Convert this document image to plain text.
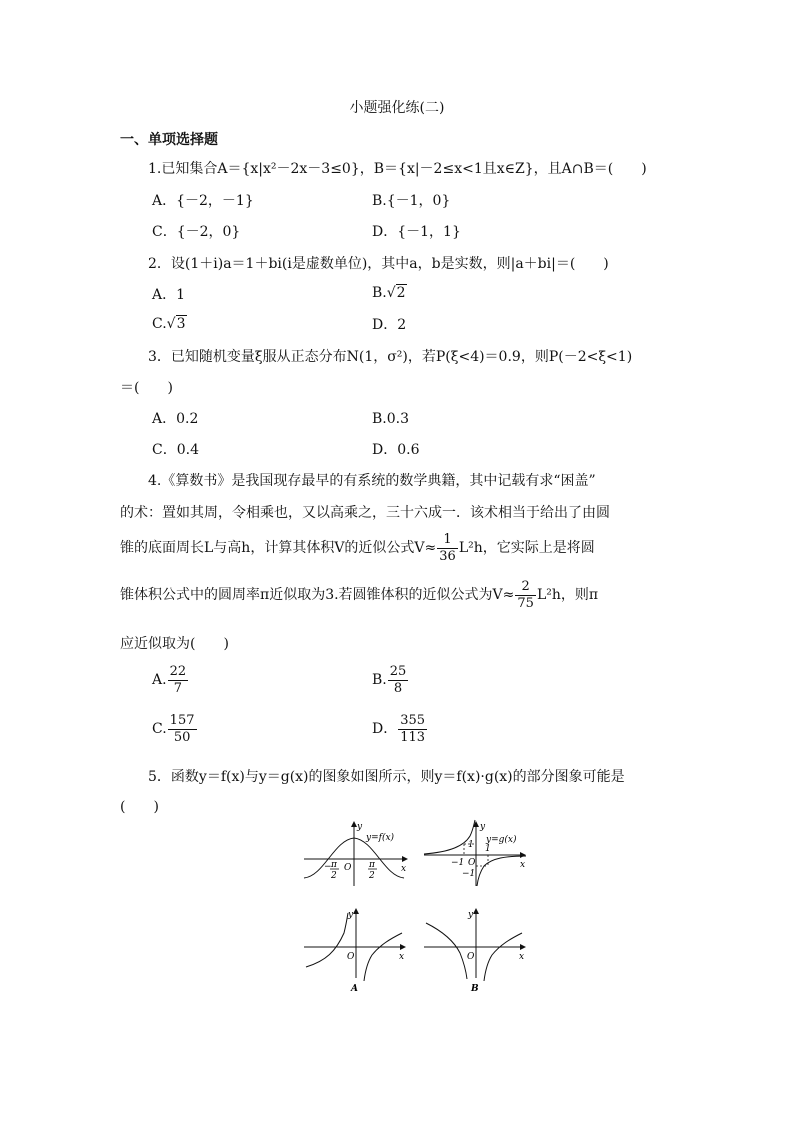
小题强化练(二)
一、单项选择题
1.已知集合A＝{x|x²－2x－3≤0}，B＝{x|－2≤x<1且x∈Z}，且A∩B＝(　　)
A．{－2，－1}	B.{－1，0}
C．{－2，0}	D．{－1，1}
2．设(1＋i)a＝1＋bi(i是虚数单位)，其中a，b是实数，则|a＋bi|＝(　　)
A．1	B.√2
C.√3	D．2
3．已知随机变量ξ服从正态分布N(1，σ²)，若P(ξ<4)＝0.9，则P(－2<ξ<1)
＝(　　)
A．0.2	B.0.3
C．0.4	D．0.6
4.《算数书》是我国现存最早的有系统的数学典籍，其中记载有求“困盖”
的术：置如其周，令相乘也，又以高乘之，三十六成一．该术相当于给出了由圆
锥的底面周长L与高h，计算其体积V的近似公式$V\approx \frac{1}{36} L^2h$，它实际上是将圆
锥体积公式中的圆周率π近似取为3.若圆锥体积的近似公式为$V\approx \frac{2}{75} L^2h$，则π
应近似取为(　　)
A. $\frac{22}{7}$	B. $\frac{25}{8}$
C. $\frac{157}{50}$	D． $\frac{355}{113}$
5．函数y＝f(x)与y＝g(x)的图象如图所示，则y＝f(x)·g(x)的部分图象可能是
(　　)
y
x
y=f(x)
O
− π
2
π
2
y
x
y=g(x)
1
−1 O
1
−1
y
x
O
A
y
x
O
B
